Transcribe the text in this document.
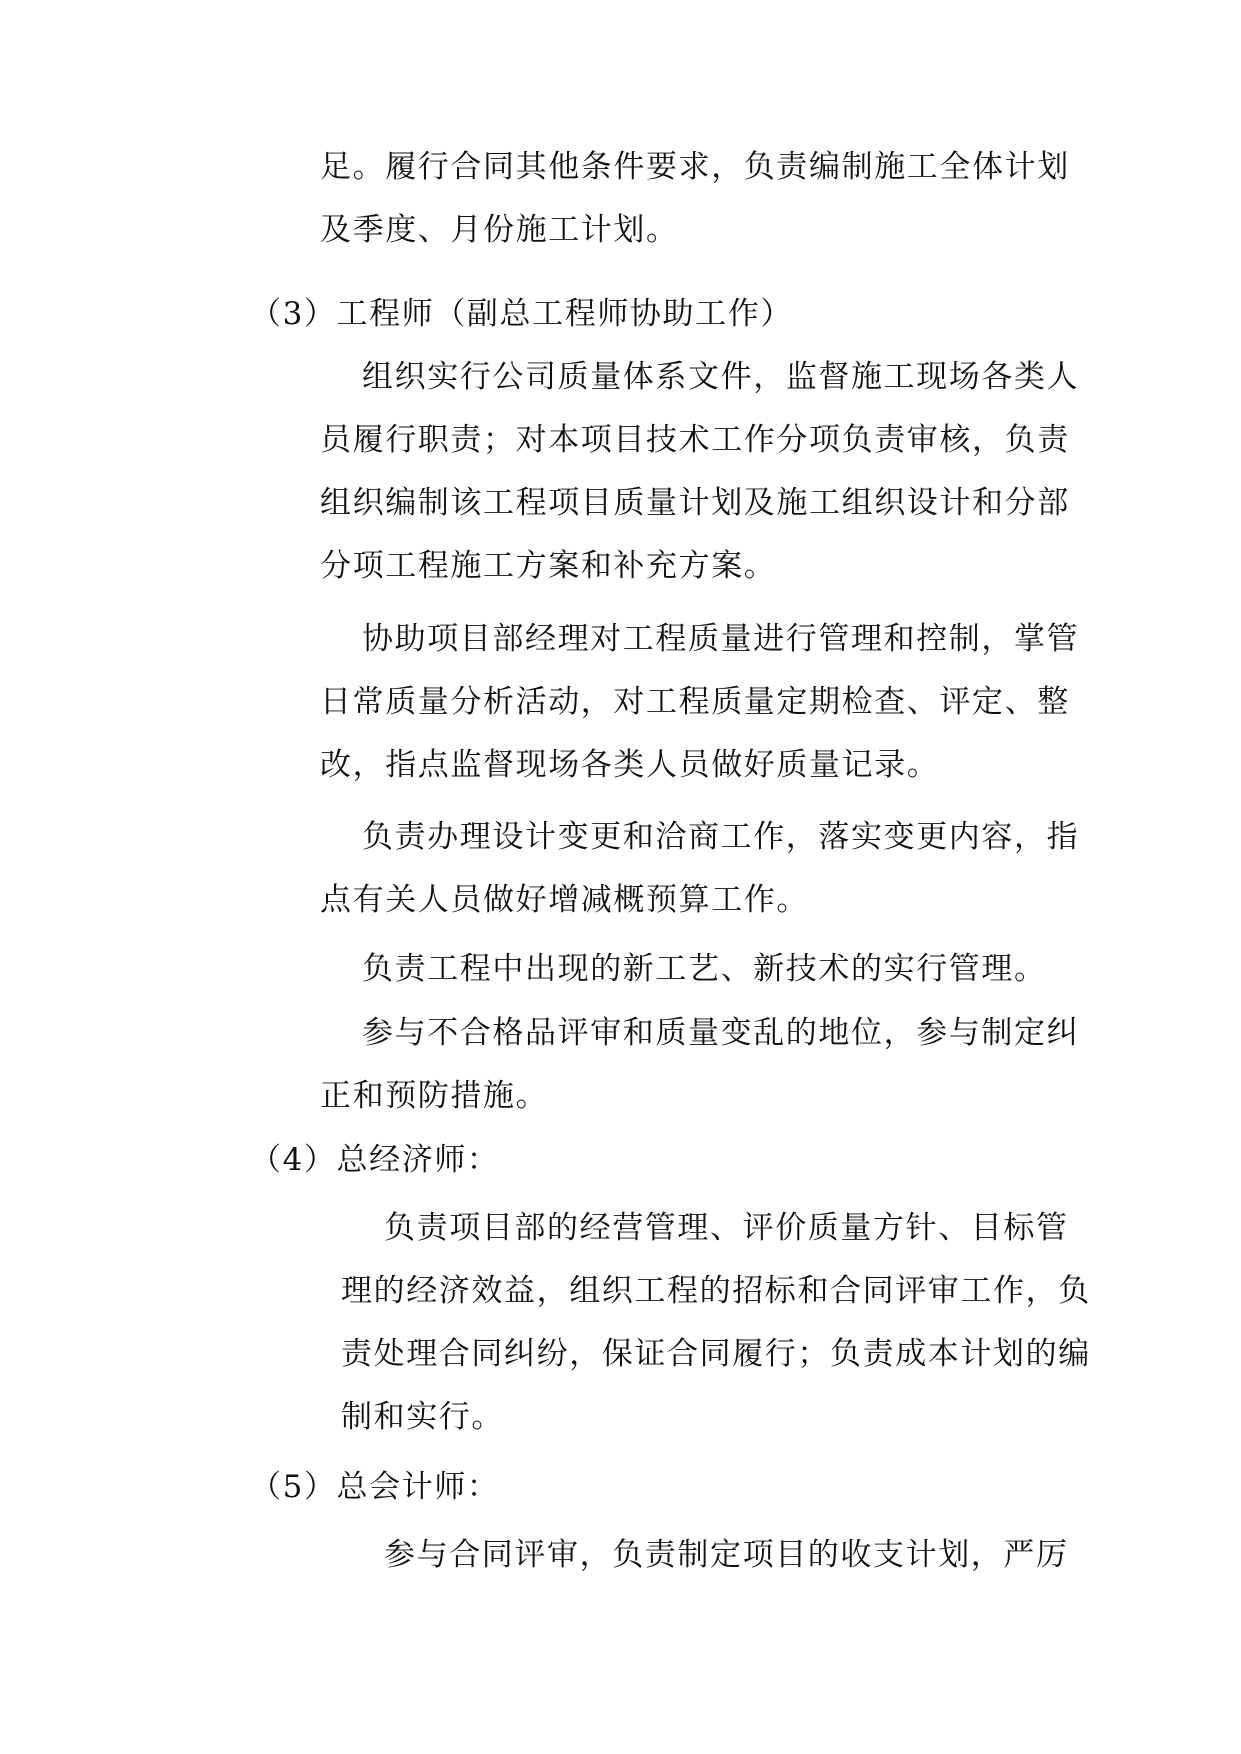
足。履行合同其他条件要求，负责编制施工全体计划
及季度、月份施工计划。
（3）工程师（副总工程师协助工作）
组织实行公司质量体系文件，监督施工现场各类人
员履行职责；对本项目技术工作分项负责审核，负责
组织编制该工程项目质量计划及施工组织设计和分部
分项工程施工方案和补充方案。
协助项目部经理对工程质量进行管理和控制，掌管
日常质量分析活动，对工程质量定期检查、评定、整
改，指点监督现场各类人员做好质量记录。
负责办理设计变更和洽商工作，落实变更内容，指
点有关人员做好增减概预算工作。
负责工程中出现的新工艺、新技术的实行管理。
参与不合格品评审和质量变乱的地位，参与制定纠
正和预防措施。
（4）总经济师：
负责项目部的经营管理、评价质量方针、目标管
理的经济效益，组织工程的招标和合同评审工作，负
责处理合同纠纷，保证合同履行；负责成本计划的编
制和实行。
（5）总会计师：
参与合同评审，负责制定项目的收支计划，严厉
